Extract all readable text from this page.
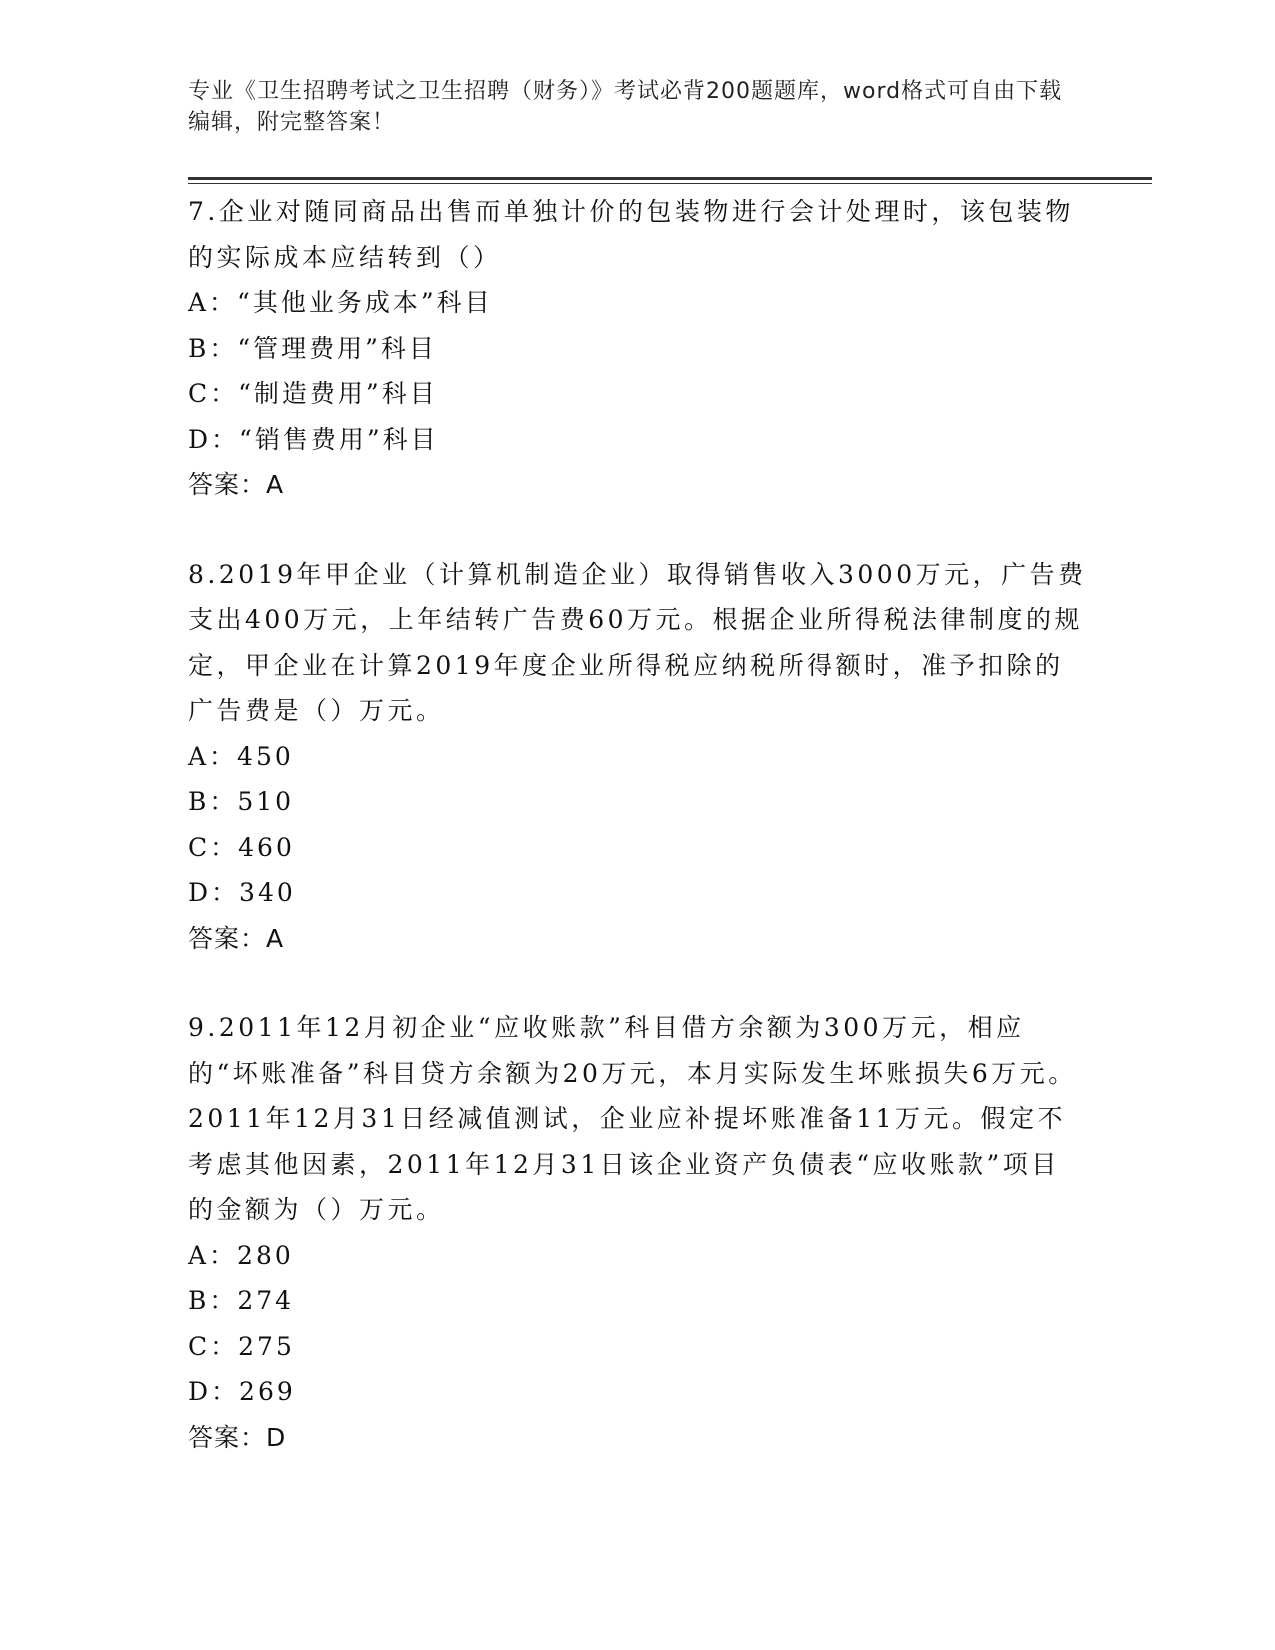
专业《卫生招聘考试之卫生招聘（财务）》考试必背200题题库，word格式可自由下载编辑，附完整答案！
7.企业对随同商品出售而单独计价的包装物进行会计处理时，该包装物的实际成本应结转到（）
A：“其他业务成本”科目
B：“管理费用”科目
C：“制造费用”科目
D：“销售费用”科目
答案：A
8.2019年甲企业（计算机制造企业）取得销售收入3000万元，广告费支出400万元，上年结转广告费60万元。根据企业所得税法律制度的规定，甲企业在计算2019年度企业所得税应纳税所得额时，准予扣除的广告费是（）万元。
A：450
B：510
C：460
D：340
答案：A
9.2011年12月初企业“应收账款”科目借方余额为300万元，相应的“坏账准备”科目贷方余额为20万元，本月实际发生坏账损失6万元。2011年12月31日经减值测试，企业应补提坏账准备11万元。假定不考虑其他因素，2011年12月31日该企业资产负债表“应收账款”项目的金额为（）万元。
A：280
B：274
C：275
D：269
答案：D
